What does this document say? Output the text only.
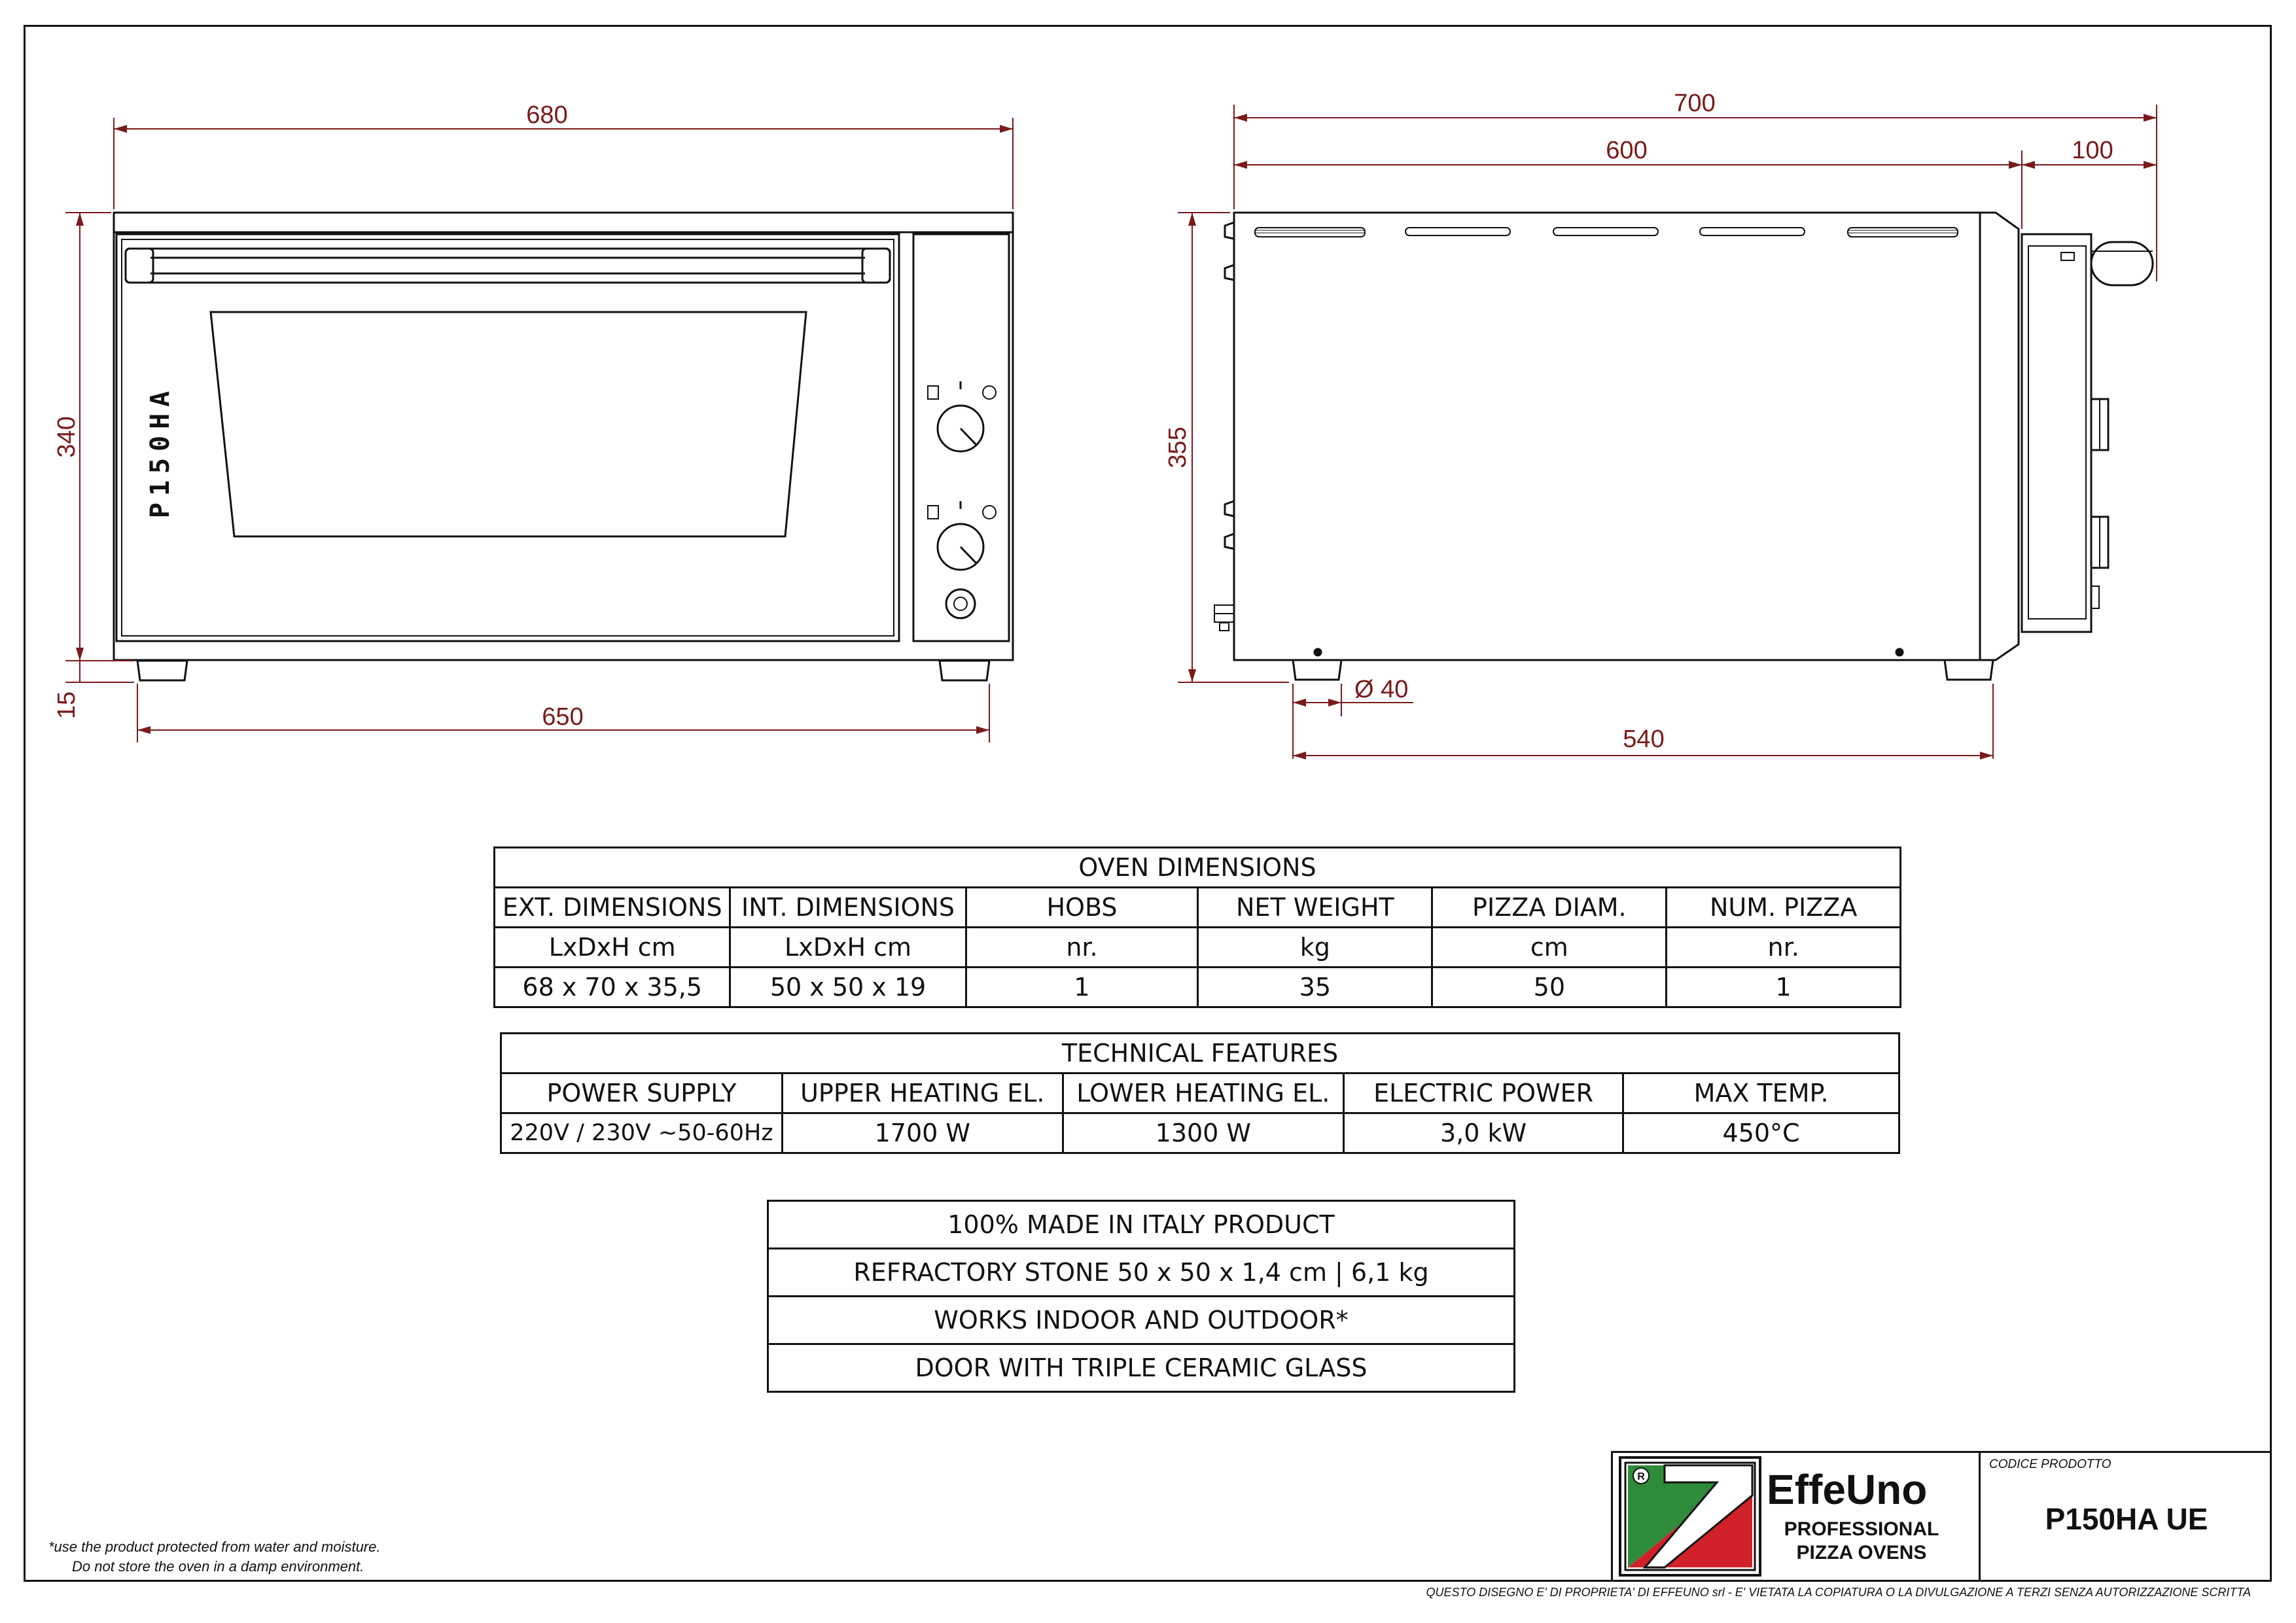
P150HA
680
650
340
15
700
600	100
355
Ø 40
540
OVEN DIMENSIONS					
EXT. DIMENSIONS	INT. DIMENSIONS	HOBS	NET WEIGHT	PIZZA DIAM.	NUM. PIZZA
LxDxH cm	LxDxH cm	nr.	kg	cm	nr.
68 x 70 x 35,5	50 x 50 x 19	1	35	50	1
TECHNICAL FEATURES				
POWER SUPPLY	UPPER HEATING EL.	LOWER HEATING EL.	ELECTRIC POWER	MAX TEMP.
220V / 230V ~50-60Hz	1700 W	1300 W	3,0 kW	450°C
100% MADE IN ITALY PRODUCT
REFRACTORY STONE 50 x 50 x 1,4 cm | 6,1 kg
WORKS INDOOR AND OUTDOOR*
DOOR WITH TRIPLE CERAMIC GLASS
*use the product protected from water and moisture.
Do not store the oven in a damp environment.
R	EffeUno
PROFESSIONAL
PIZZA OVENS
CODICE PRODOTTO
P150HA UE
QUESTO DISEGNO E' DI PROPRIETA' DI EFFEUNO srl - E' VIETATA LA COPIATURA O LA DIVULGAZIONE A TERZI SENZA AUTORIZZAZIONE SCRITTA
